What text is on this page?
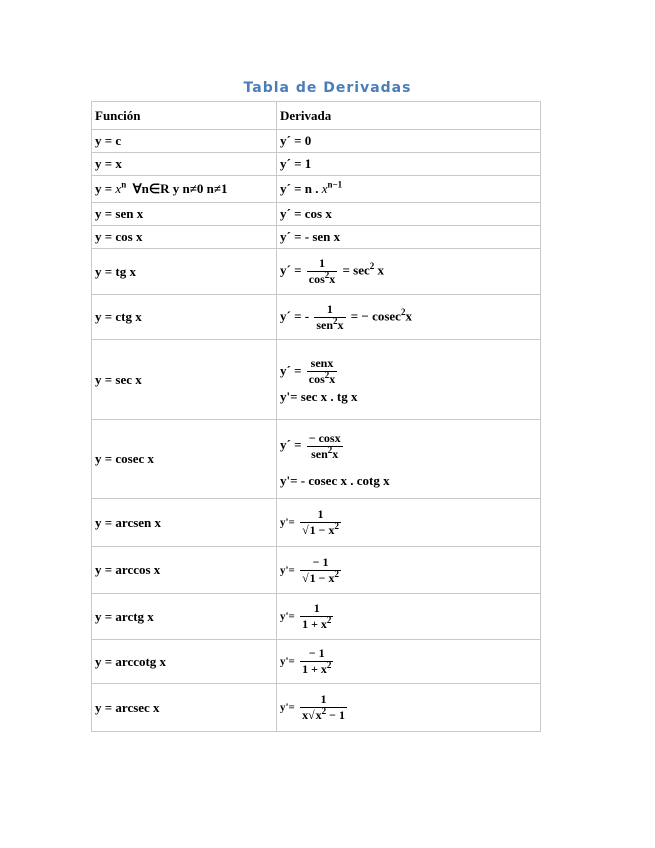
Tabla de Derivadas
Función	Derivada
y = c	y´ = 0
y = x	y´ = 1
$y = x^n$ ∀n∈R y n≠0 n≠1	y´ = n . $x^{n-1}$
y = sen x	y´ = cos x
y = cos x	y´ = - sen x
y = tg x	y´ = $\frac{1}{\cos^2x} = \sec^2 x$
y = ctg x	y´ = - $\frac{1}{sen^2x}$ = − cosec$^2$x
y = sec x	y´ = $\frac{\text{senx}}{\cos^2x}$
y'= sec x . tg x

y = cosec x	y´ = $\frac{- \cos x}{sen^2x}$
y'= - cosec x . cotg x

y = arcsen x	$y'= \frac{1}{√1 - x^2}$

y = arccos x	$y'= \frac{- 1}{√1 - x^2}$

y = arctg x	$y'= \frac{1}{1 + x^2}$

y = arccotg x	$y'= \frac{- 1}{1 + x^2}$

y = arcsec x	$y'= \frac{1}{x√x^2 - 1}$
